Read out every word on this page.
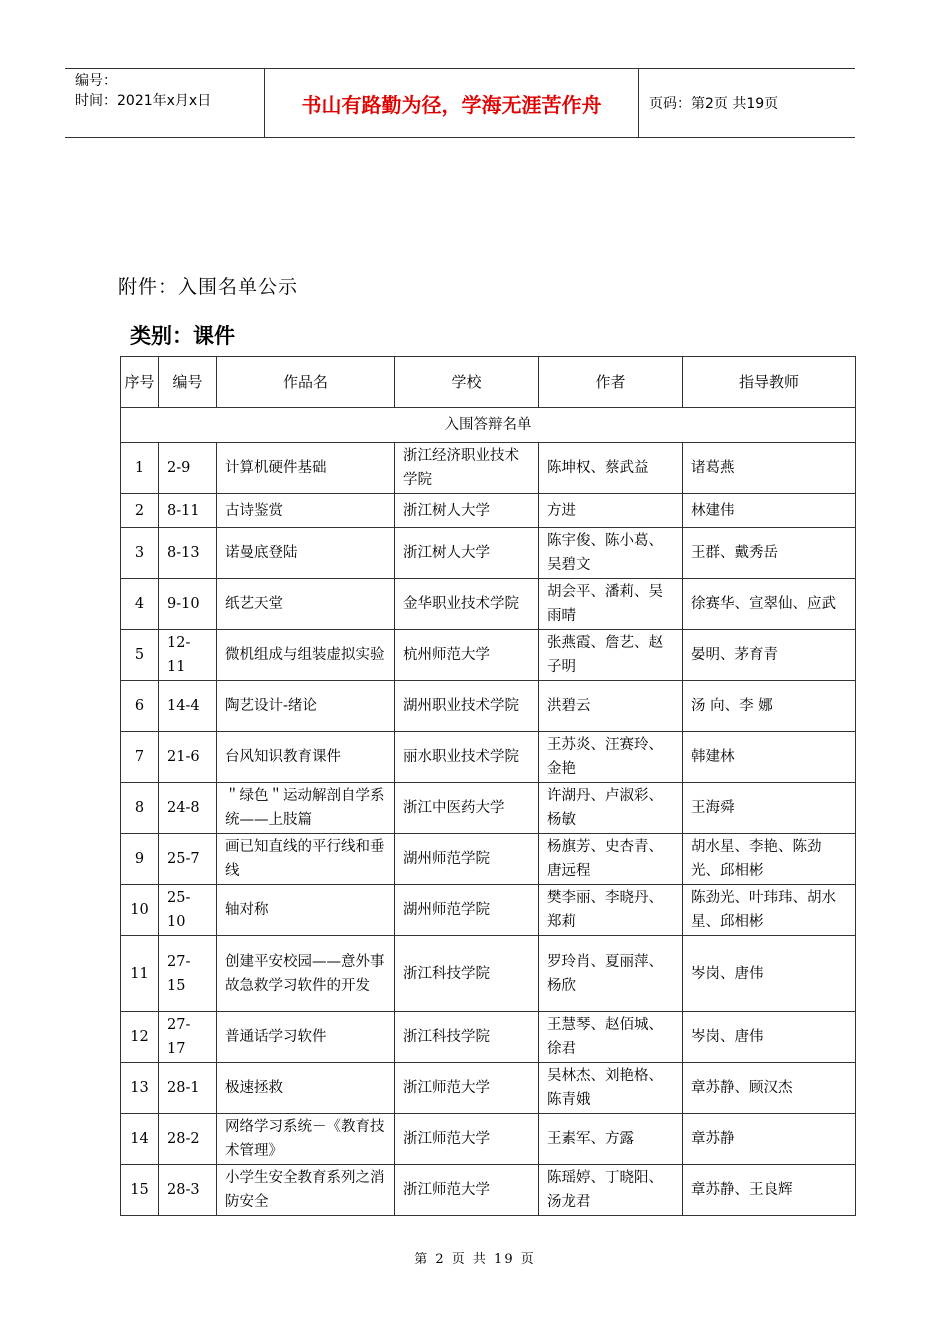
编号：
时间：2021年x月x日	书山有路勤为径，学海无涯苦作舟	页码：第2页 共19页
附件：入围名单公示
类别：课件
序号	编号	作品名	学校	作者	指导教师
入围答辩名单					
1	2-9	计算机硬件基础	浙江经济职业技术学院	陈坤权、蔡武益	诸葛燕
2	8-11	古诗鉴赏	浙江树人大学	方进	林建伟
3	8-13	诺曼底登陆	浙江树人大学	陈宇俊、陈小葛、吴碧文	王群、戴秀岳
4	9-10	纸艺天堂	金华职业技术学院	胡会平、潘莉、吴雨晴	徐赛华、宣翠仙、应武
5	12-11	微机组成与组装虚拟实验	杭州师范大学	张燕霞、詹艺、赵子明	晏明、茅育青
6	14-4	陶艺设计-绪论	湖州职业技术学院	洪碧云	汤 向、李 娜
7	21-6	台风知识教育课件	丽水职业技术学院	王苏炎、汪赛玲、金艳	韩建林
8	24-8	＂绿色＂运动解剖自学系统——上肢篇	浙江中医药大学	许湖丹、卢淑彩、杨敏	王海舜
9	25-7	画已知直线的平行线和垂线	湖州师范学院	杨旗芳、史杏青、唐远程	胡水星、李艳、陈劲光、邱相彬
10	25-10	轴对称	湖州师范学院	樊李丽、李晓丹、郑莉	陈劲光、叶玮玮、胡水星、邱相彬
11	27-15	创建平安校园——意外事故急救学习软件的开发	浙江科技学院	罗玲肖、夏丽萍、杨欣	岑岗、唐伟
12	27-17	普通话学习软件	浙江科技学院	王慧琴、赵佰城、徐君	岑岗、唐伟
13	28-1	极速拯救	浙江师范大学	吴林杰、刘艳格、陈青娥	章苏静、顾汉杰
14	28-2	网络学习系统－《教育技术管理》	浙江师范大学	王素军、方露	章苏静
15	28-3	小学生安全教育系列之消防安全	浙江师范大学	陈瑶婷、丁晓阳、汤龙君	章苏静、王良辉
第 2 页 共 19 页
